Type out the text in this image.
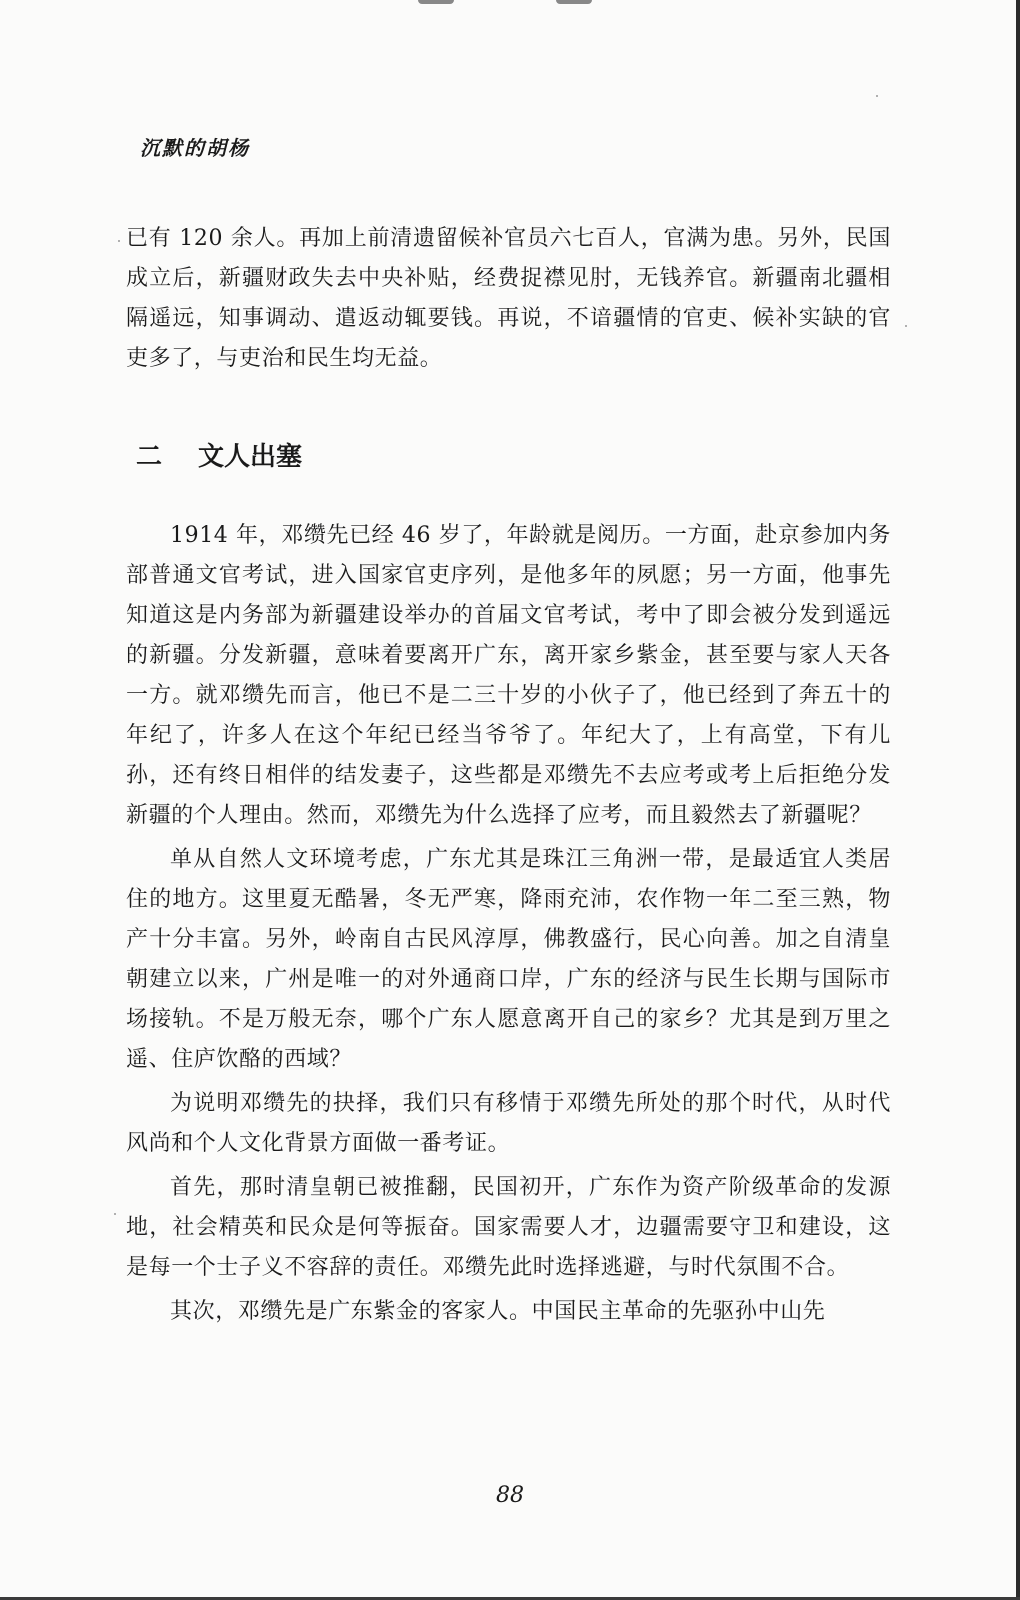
沉默的胡杨

已有 120 余人。再加上前清遗留候补官员六七百人，官满为患。另外，民国成立后，新疆财政失去中央补贴，经费捉襟见肘，无钱养官。新疆南北疆相隔遥远，知事调动、遣返动辄要钱。再说，不谙疆情的官吏、候补实缺的官吏多了，与吏治和民生均无益。

二 文人出塞

1914 年，邓缵先已经 46 岁了，年龄就是阅历。一方面，赴京参加内务部普通文官考试，进入国家官吏序列，是他多年的夙愿；另一方面，他事先知道这是内务部为新疆建设举办的首届文官考试，考中了即会被分发到遥远的新疆。分发新疆，意味着要离开广东，离开家乡紫金，甚至要与家人天各一方。就邓缵先而言，他已不是二三十岁的小伙子了，他已经到了奔五十的年纪了，许多人在这个年纪已经当爷爷了。年纪大了，上有高堂，下有儿孙，还有终日相伴的结发妻子，这些都是邓缵先不去应考或考上后拒绝分发新疆的个人理由。然而，邓缵先为什么选择了应考，而且毅然去了新疆呢？

单从自然人文环境考虑，广东尤其是珠江三角洲一带，是最适宜人类居住的地方。这里夏无酷暑，冬无严寒，降雨充沛，农作物一年二至三熟，物产十分丰富。另外，岭南自古民风淳厚，佛教盛行，民心向善。加之自清皇朝建立以来，广州是唯一的对外通商口岸，广东的经济与民生长期与国际市场接轨。不是万般无奈，哪个广东人愿意离开自己的家乡？尤其是到万里之遥、住庐饮酪的西域？

为说明邓缵先的抉择，我们只有移情于邓缵先所处的那个时代，从时代风尚和个人文化背景方面做一番考证。

首先，那时清皇朝已被推翻，民国初开，广东作为资产阶级革命的发源地，社会精英和民众是何等振奋。国家需要人才，边疆需要守卫和建设，这是每一个士子义不容辞的责任。邓缵先此时选择逃避，与时代氛围不合。

其次，邓缵先是广东紫金的客家人。中国民主革命的先驱孙中山先

88
